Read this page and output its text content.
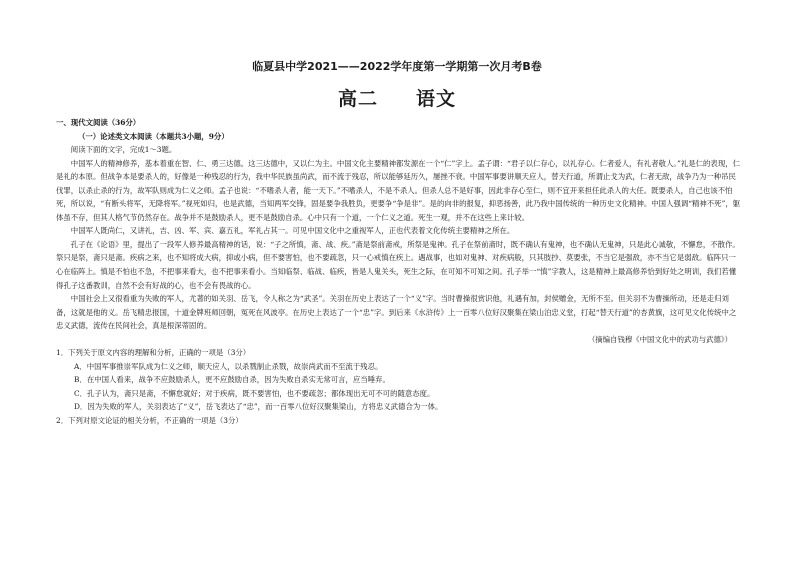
临夏县中学2021——2022学年度第一学期第一次月考B卷
高二 语文

一、现代文阅读（36分）

（一）论述类文本阅读（本题共3小题，9分）

阅读下面的文字，完成1～3题。

中国军人的精神修养，基本着重在智、仁、勇三达德。这三达德中，又以仁为主。中国文化主要精神都发源在一个“仁”字上。孟子谓：“君子以仁存心，以礼存心。仁者爱人，有礼者敬人。”礼是仁的表现，仁是礼的本原。但战争本是要杀人的，好像是一种残忍的行为，我中华民族虽尚武，而不流于残忍，所以能够延历久，屡挫不衰。中国军事要讲顺天应人，替天行道，所谓止戈为武，仁者无敌，战争乃为一种吊民伐罪，以杀止杀的行为，故军队则成为仁义之师。孟子也说：“不嗜杀人者，能一天下。”不嗜杀人，不是不杀人。但杀人总不是好事，因此非存心至仁，则不宜开来担任此杀人的大任。既要杀人，自己也该不怕死，所以说，“有断头将军，无降将军。”视死如归，也是武德，当知两军交锋，固是要争我胜负，更要争“争是非”。是的向非的报复，抑恶扬善，此乃我中国传统的一种历史文化精神。中国人强调“精神不死”，躯体虽不存，但其人格气节仍然存在。战争并不是鼓励杀人，更不是鼓励自杀。心中只有一个道，一个仁义之道。死生一观，并不在这些上来计较。

中国军人既尚仁，又讲礼，吉、凶、军、宾、嘉五礼，军礼占其一。可见中国文化中之重视军人，正也代表着文化传统主要精神之所在。

孔子在《论语》里，提出了一段军人修养最高精神的话，说：“子之所慎，斋、战、疾。”斋是祭前斋戒，所祭是鬼神。孔子在祭前斋时，既不确认有鬼神，也不确认无鬼神，只是此心诚敬，不懈怠，不散作。祭只是祭，斋只是斋。疾病之来，也不知将成大病，抑或小病，但不要害怕，也不要疏忽，只一心戒慎在疾上。遇战事，也如对鬼神、对疾病般，只其肢抄、莫要张，不当它是强敌，亦不当它是弱敌。临阵只一心在临阵上。慎是不怕也不急，不把事来看大，也不把事来看小。当知临祭、临战、临疾，皆是人鬼关头，死生之际，在可知不可知之间。孔子举一“慎”字教人，这是精神上最高修养恰到好处之明训，我们若懂得孔子这番教训，自然不会有好战的心，也不会有畏战的心。

中国社会上又很看重为失败的军人，尤著的如关羽、岳飞，令人称之为“武圣”。关羽在历史上表达了一个“义”字。当时曹操很赏识他，礼遇有加，封侯赠金，无所不至。但关羽不为曹操所动，还是走归刘备，这就是他的义。岳飞精忠报国，十道金牌班师回朝，冤死在风波亭。在历史上表达了一个“忠”字。到后来《水浒传》上一百零八位好汉聚集在梁山泊忠义堂，打起“替天行道”的杏黄旗，这可见文化传统中之忠义武德，流传在民间社会，真是根深蒂固的。

（摘编自钱穆《中国文化中的武功与武德》）

1．下列关于原文内容的理解和分析，正确的一项是（3分）

A．中国军事推崇军队成为仁义之师，顺天应人，以杀戮制止杀戮，故崇尚武而不至流于残忍。

B．在中国人看来，战争不应鼓励杀人，更不应鼓励自杀，因为失败自杀实无常可言，应当唾弃。

C．孔子认为，斋只是斋，不懈怠就好；对于疾病，既不要害怕，也不要疏忽；都体现出无可不可的随意态度。

D．因为失败的军人，关羽表达了“义”，岳飞表达了“忠”，而一百零八位好汉聚集梁山，方将忠义武德合为一体。

2．下列对原文论证的相关分析，不正确的一项是（3分）
